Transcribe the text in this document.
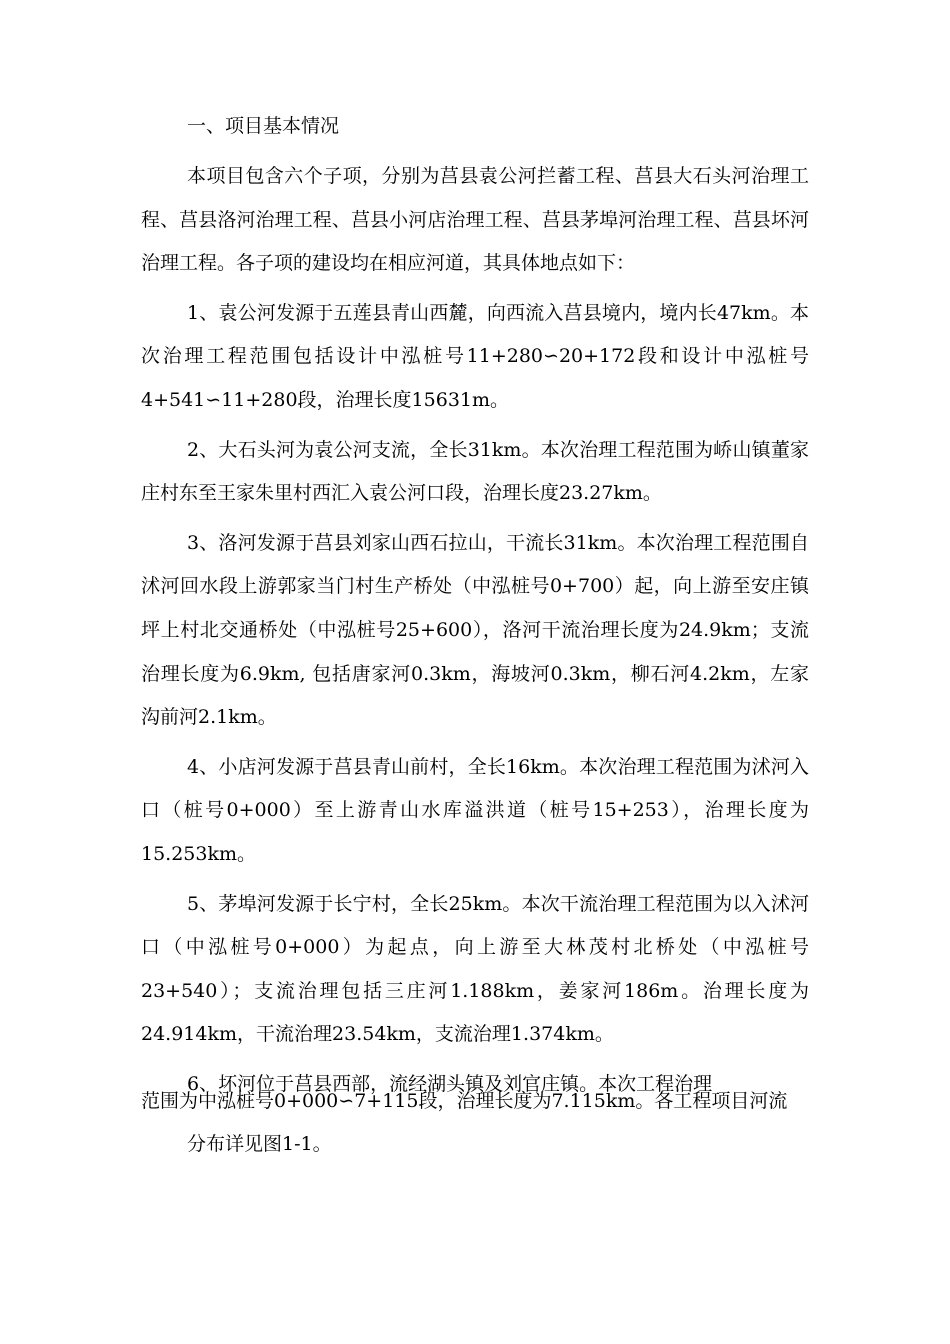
一、项目基本情况

本项目包含六个子项，分别为莒县袁公河拦蓄工程、莒县大石头河治理工程、莒县洛河治理工程、莒县小河店治理工程、莒县茅埠河治理工程、莒县坏河治理工程。各子项的建设均在相应河道，其具体地点如下：

1、袁公河发源于五莲县青山西麓，向西流入莒县境内，境内长47km。本次治理工程范围包括设计中泓桩号11+280∽20+172段和设计中泓桩号4+541∽11+280段，治理长度15631m。

2、大石头河为袁公河支流，全长31km。本次治理工程范围为峤山镇董家庄村东至王家朱里村西汇入袁公河口段，治理长度23.27km。

3、洛河发源于莒县刘家山西石拉山，干流长31km。本次治理工程范围自沭河回水段上游郭家当门村生产桥处（中泓桩号0+700）起，向上游至安庄镇坪上村北交通桥处（中泓桩号25+600），洛河干流治理长度为24.9km；支流治理长度为6.9km, 包括唐家河0.3km，海坡河0.3km，柳石河4.2km，左家沟前河2.1km。

4、小店河发源于莒县青山前村，全长16km。本次治理工程范围为沭河入口（桩号0+000）至上游青山水库溢洪道（桩号15+253），治理长度为15.253km。

5、茅埠河发源于长宁村，全长25km。本次干流治理工程范围为以入沭河口（中泓桩号0+000）为起点，向上游至大林茂村北桥处（中泓桩号23+540）；支流治理包括三庄河1.188km，姜家河186m。治理长度为24.914km，干流治理23.54km，支流治理1.374km。

6、坏河位于莒县西部，流经湖头镇及刘官庄镇。本次工程治理

范围为中泓桩号0+000∽7+115段，治理长度为7.115km。各工程项目河流
分布详见图1-1。
